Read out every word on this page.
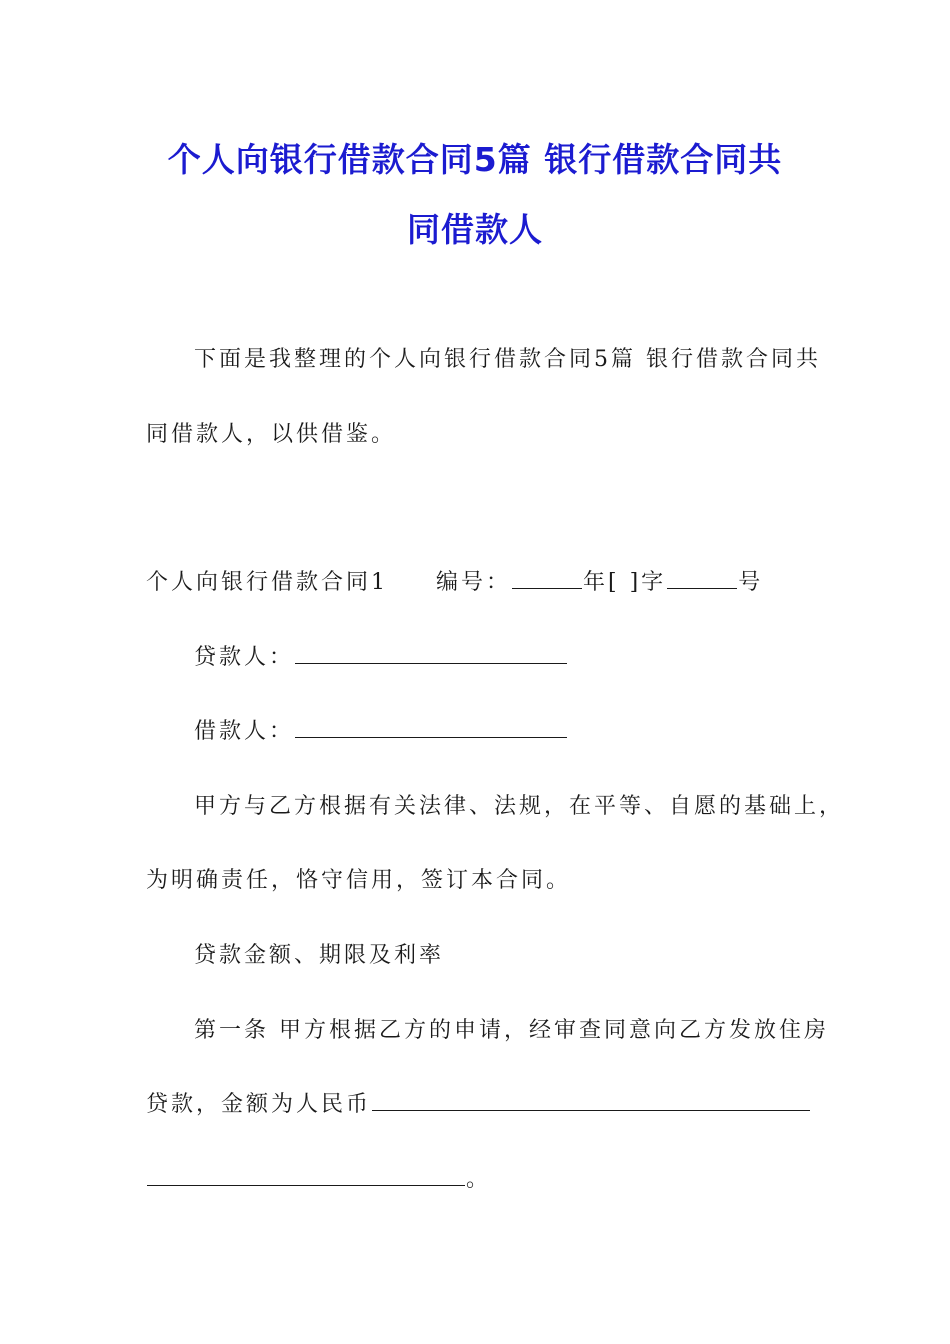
个人向银行借款合同5篇 银行借款合同共
同借款人
下面是我整理的个人向银行借款合同5篇 银行借款合同共
同借款人，以供借鉴。
个人向银行借款合同1 编号：	年[ ]字	号
贷款人：
借款人：
甲方与乙方根据有关法律、法规，在平等、自愿的基础上，
为明确责任，恪守信用，签订本合同。
贷款金额、期限及利率
第一条 甲方根据乙方的申请，经审查同意向乙方发放住房
贷款，金额为人民币
。
